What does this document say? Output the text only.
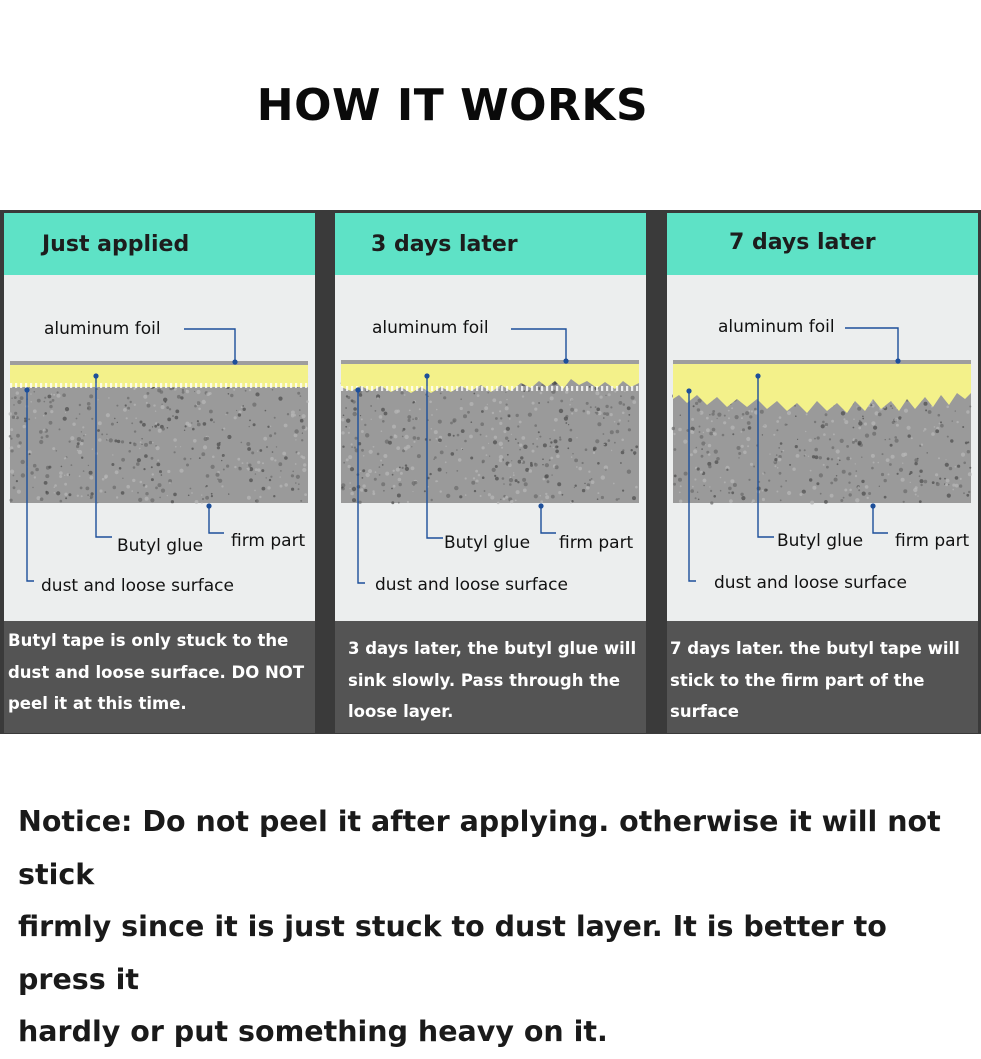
HOW IT WORKS
Just applied
aluminum foil
Butyl glue firm part
dust and loose surface
Butyl tape is only stuck to the
dust and loose surface. DO NOT
peel it at this time.
3 days later
aluminum foil
Butyl glue firm part
dust and loose surface
3 days later, the butyl glue will
sink slowly. Pass through the
loose layer.
7 days later
aluminum foil
Butyl glue firm part
dust and loose surface
7 days later. the butyl tape will
stick to the firm part of the surface
firmly.
Notice: Do not peel it after applying. otherwise it will not stick
firmly since it is just stuck to dust layer. It is better to press it
hardly or put something heavy on it.
